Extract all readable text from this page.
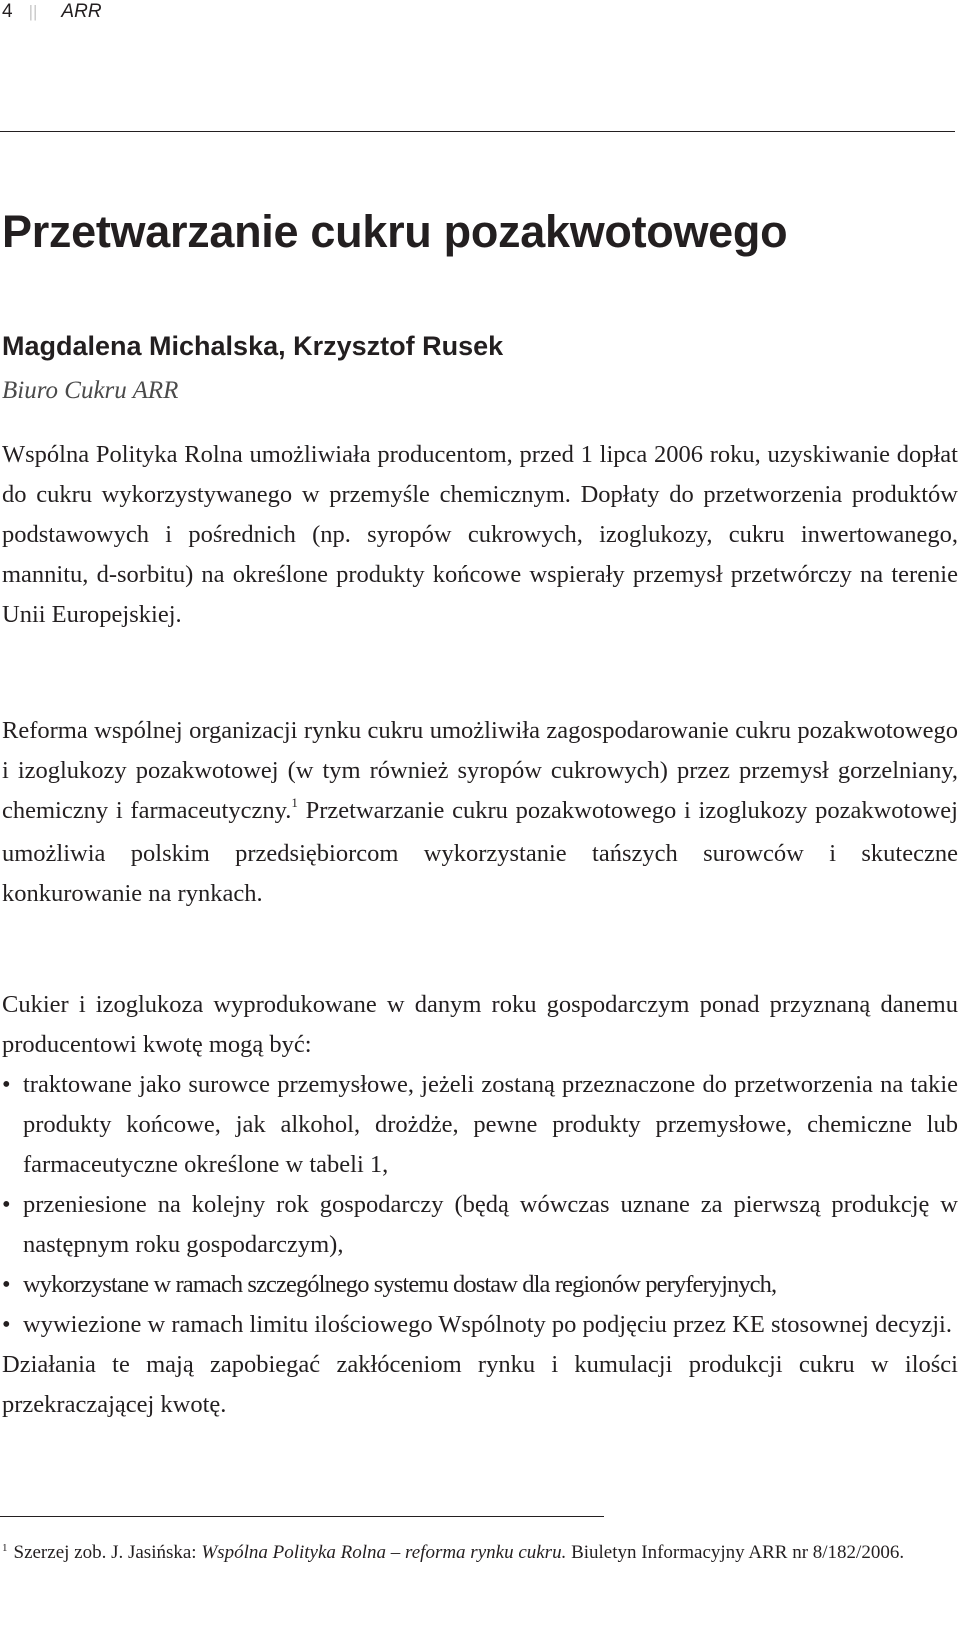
4 || ARR
Przetwarzanie cukru pozakwotowego
Magdalena Michalska, Krzysztof Rusek
Biuro Cukru ARR

Wspólna Polityka Rolna umożliwiała producentom, przed 1 lipca 2006 roku, uzyskiwanie dopłat do cukru wykorzystywanego w przemyśle chemicznym. Dopłaty do przetworzenia produktów podstawowych i pośrednich (np. syropów cukrowych, izoglukozy, cukru inwertowanego, mannitu, d-sorbitu) na określone produkty końcowe wspierały przemysł przetwórczy na terenie Unii Europejskiej.

Reforma wspólnej organizacji rynku cukru umożliwiła zagospodarowanie cukru pozakwotowego i izoglukozy pozakwotowej (w tym również syropów cukrowych) przez przemysł gorzelniany, chemiczny i farmaceutyczny.$^1$ Przetwarzanie cukru pozakwotowego i izoglukozy pozakwotowej umożliwia polskim przedsiębiorcom wykorzystanie tańszych surowców i skuteczne konkurowanie na rynkach.

Cukier i izoglukoza wyprodukowane w danym roku gospodarczym ponad przyznaną danemu producentowi kwotę mogą być:

• traktowane jako surowce przemysłowe, jeżeli zostaną przeznaczone do przetworzenia na takie produkty końcowe, jak alkohol, drożdże, pewne produkty przemysłowe, chemiczne lub farmaceutyczne określone w tabeli 1,
• przeniesione na kolejny rok gospodarczy (będą wówczas uznane za pierwszą produkcję w następnym roku gospodarczym),
• wykorzystane w ramach szczególnego systemu dostaw dla regionów peryferyjnych,
• wywiezione w ramach limitu ilościowego Wspólnoty po podjęciu przez KE stosownej decyzji.

Działania te mają zapobiegać zakłóceniom rynku i kumulacji produkcji cukru w ilości przekraczającej kwotę.

$^1$ Szerzej zob. J. Jasińska: Wspólna Polityka Rolna – reforma rynku cukru. Biuletyn Informacyjny ARR nr 8/182/2006.
